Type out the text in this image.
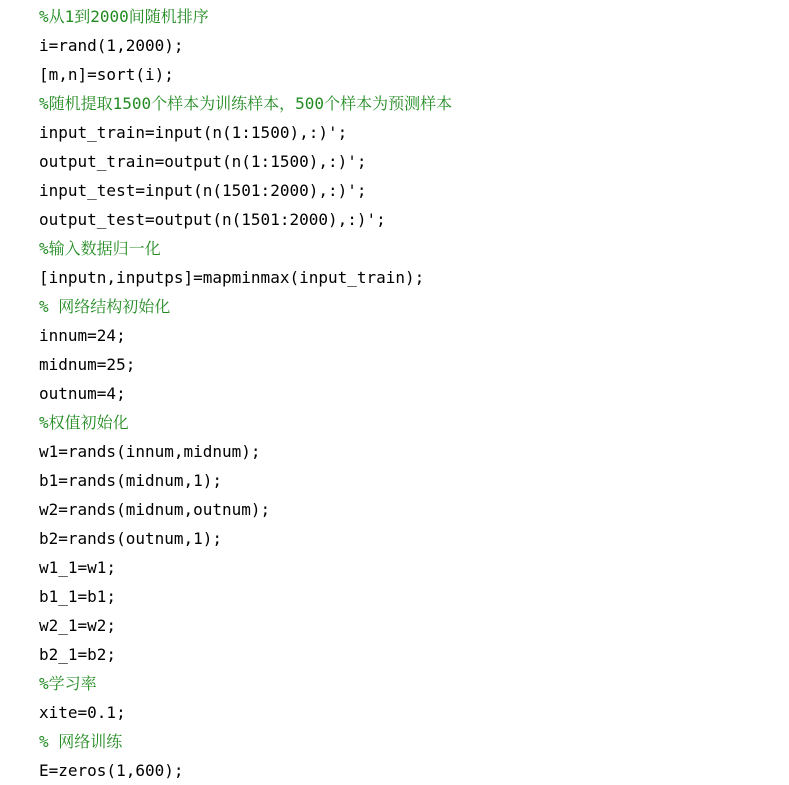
%从1到2000间随机排序
i=rand(1,2000);
[m,n]=sort(i);
%随机提取1500个样本为训练样本，500个样本为预测样本
input_train=input(n(1:1500),:)';
output_train=output(n(1:1500),:)';
input_test=input(n(1501:2000),:)';
output_test=output(n(1501:2000),:)';
%输入数据归一化
[inputn,inputps]=mapminmax(input_train);
% 网络结构初始化
innum=24;
midnum=25;
outnum=4;
%权值初始化
w1=rands(innum,midnum);
b1=rands(midnum,1);
w2=rands(midnum,outnum);
b2=rands(outnum,1);
w1_1=w1;
b1_1=b1;
w2_1=w2;
b2_1=b2;
%学习率
xite=0.1;
% 网络训练
E=zeros(1,600);
